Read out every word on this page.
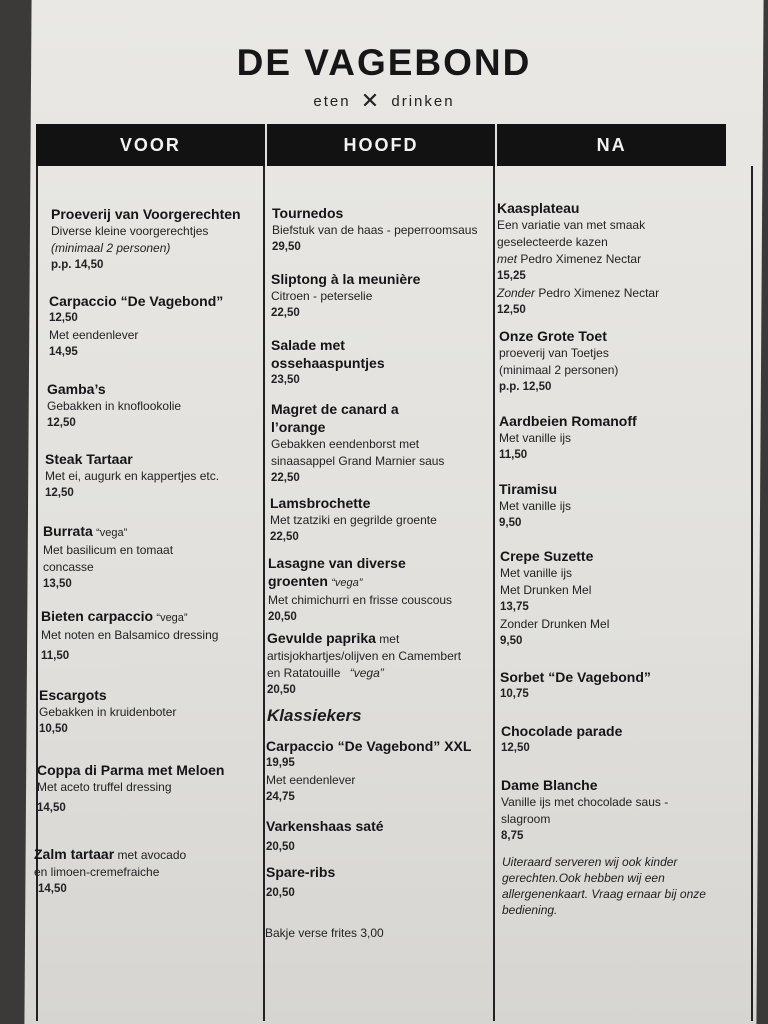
DE VAGEBOND
eten ✕ drinken
VOOR	HOOFD	NA
Proeverij van Voorgerechten
Diverse kleine voorgerechtjes
(minimaal 2 personen)
p.p. 14,50
Carpaccio “De Vagebond”
12,50
Met eendenlever
14,95
Gamba’s
Gebakken in knoflookolie
12,50
Steak Tartaar
Met ei, augurk en kappertjes etc.
12,50
Burrata “vega”
Met basilicum en tomaat
concasse
13,50
Bieten carpaccio “vega”
Met noten en Balsamico dressing
11,50
Escargots
Gebakken in kruidenboter
10,50
Coppa di Parma met Meloen
Met aceto truffel dressing
14,50
Zalm tartaar met avocado
en limoen-cremefraiche
14,50
Tournedos
Biefstuk van de haas - peperroomsaus
29,50
Sliptong à la meunière
Citroen - peterselie
22,50
Salade met
ossehaaspuntjes
23,50
Magret de canard a
l’orange
Gebakken eendenborst met
sinaasappel Grand Marnier saus
22,50
Lamsbrochette
Met tzatziki en gegrilde groente
22,50
Lasagne van diverse
groenten “vega”
Met chimichurri en frisse couscous
20,50
Gevulde paprika met
artisjokhartjes/olijven en Camembert
en Ratatouille “vega”
20,50
Klassiekers
Carpaccio “De Vagebond” XXL
19,95
Met eendenlever
24,75
Varkenshaas saté
20,50
Spare-ribs
20,50
Bakje verse frites 3,00
Kaasplateau
Een variatie van met smaak
geselecteerde kazen
met Pedro Ximenez Nectar
15,25
Zonder Pedro Ximenez Nectar
12,50
Onze Grote Toet
proeverij van Toetjes
(minimaal 2 personen)
p.p. 12,50
Aardbeien Romanoff
Met vanille ijs
11,50
Tiramisu
Met vanille ijs
9,50
Crepe Suzette
Met vanille ijs
Met Drunken Mel
13,75
Zonder Drunken Mel
9,50
Sorbet “De Vagebond”
10,75
Chocolade parade
12,50
Dame Blanche
Vanille ijs met chocolade saus -
slagroom
8,75
Uiteraard serveren wij ook kinder gerechten.Ook hebben wij een allergenenkaart. Vraag ernaar bij onze bediening.
